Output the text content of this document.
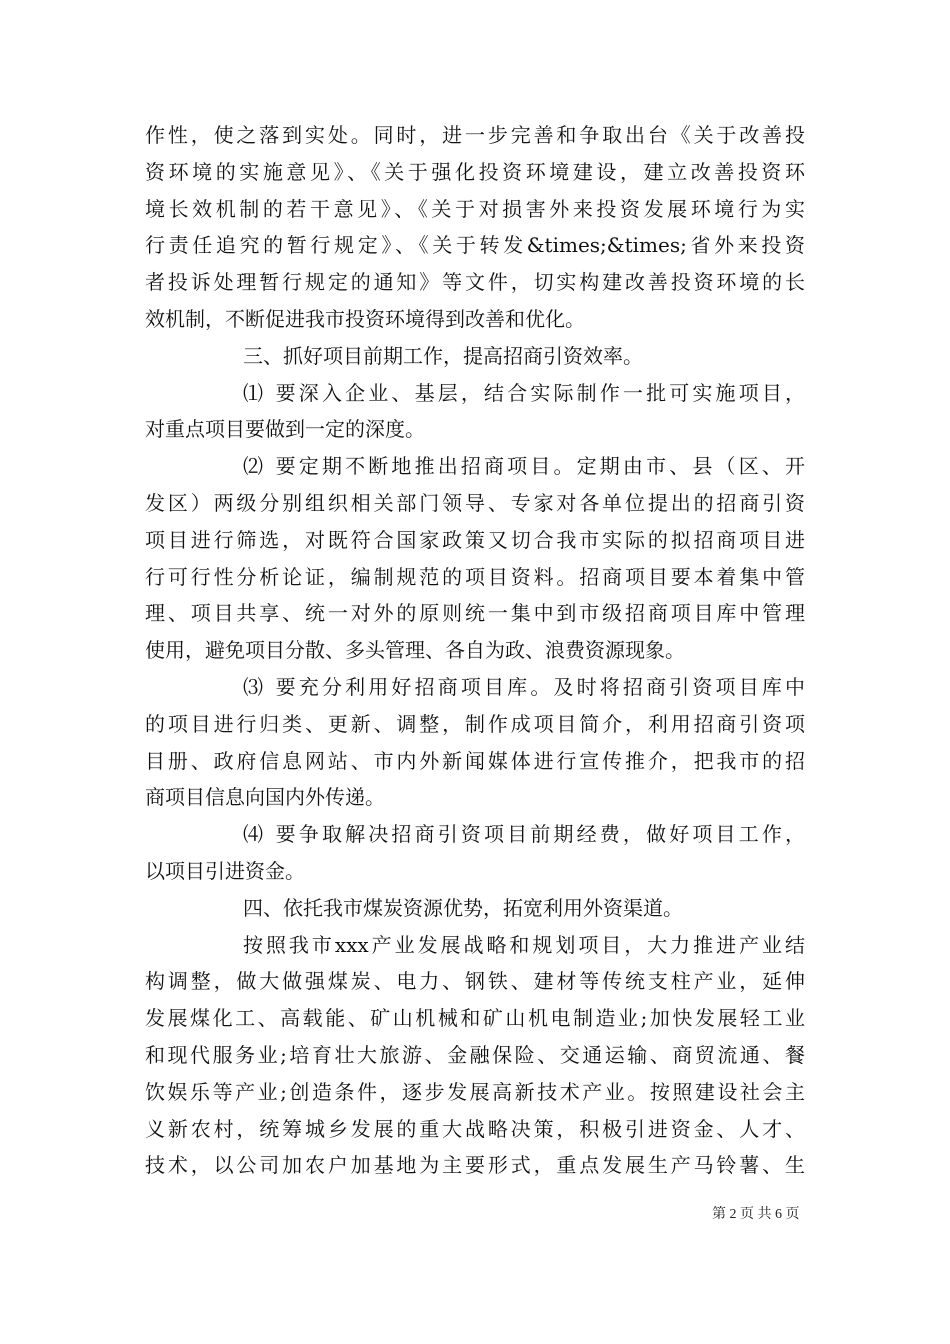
作性，使之落到实处。同时，进一步完善和争取出台《关于改善投
资环境的实施意见》、《关于强化投资环境建设，建立改善投资环
境长效机制的若干意见》、《关于对损害外来投资发展环境行为实
行责任追究的暂行规定》、《关于转发&times;&times;省外来投资
者投诉处理暂行规定的通知》等文件，切实构建改善投资环境的长
效机制，不断促进我市投资环境得到改善和优化。
三、抓好项目前期工作，提高招商引资效率。
⑴ 要深入企业、基层，结合实际制作一批可实施项目，
对重点项目要做到一定的深度。
⑵ 要定期不断地推出招商项目。定期由市、县（区、开
发区）两级分别组织相关部门领导、专家对各单位提出的招商引资
项目进行筛选，对既符合国家政策又切合我市实际的拟招商项目进
行可行性分析论证，编制规范的项目资料。招商项目要本着集中管
理、项目共享、统一对外的原则统一集中到市级招商项目库中管理
使用，避免项目分散、多头管理、各自为政、浪费资源现象。
⑶ 要充分利用好招商项目库。及时将招商引资项目库中
的项目进行归类、更新、调整，制作成项目简介，利用招商引资项
目册、政府信息网站、市内外新闻媒体进行宣传推介，把我市的招
商项目信息向国内外传递。
⑷ 要争取解决招商引资项目前期经费，做好项目工作，
以项目引进资金。
四、依托我市煤炭资源优势，拓宽利用外资渠道。
按照我市xxx产业发展战略和规划项目，大力推进产业结
构调整，做大做强煤炭、电力、钢铁、建材等传统支柱产业，延伸
发展煤化工、高载能、矿山机械和矿山机电制造业;加快发展轻工业
和现代服务业;培育壮大旅游、金融保险、交通运输、商贸流通、餐
饮娱乐等产业;创造条件，逐步发展高新技术产业。按照建设社会主
义新农村，统筹城乡发展的重大战略决策，积极引进资金、人才、
技术，以公司加农户加基地为主要形式，重点发展生产马铃薯、生
第 2 页 共 6 页
